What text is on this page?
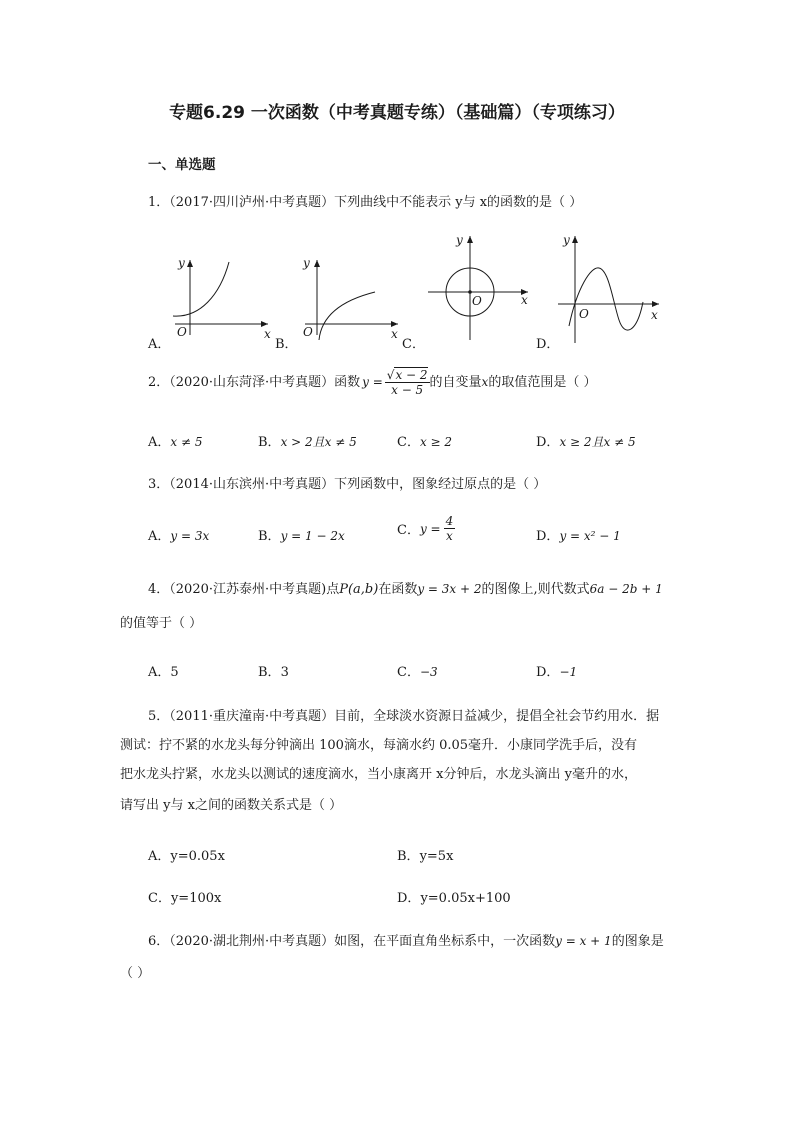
专题6.29 一次函数（中考真题专练）（基础篇）（专项练习）
一、单选题
1．（2017·四川泸州·中考真题）下列曲线中不能表示 y与 x的函数的是（ ）
y
x
O
A．
y
x
O
B．
y
x
O
C．
y
x
O
D．
2．（2020·山东菏泽·中考真题）函数 $y = \frac{√x - 2}{x - 5}$ 的自变量 x 的取值范围是（ ）
A．x ≠ 5	B．x > 2且x ≠ 5	C．x ≥ 2	D．x ≥ 2且x ≠ 5
3．（2014·山东滨州·中考真题）下列函数中，图象经过原点的是（ ）
A．y = 3x	B．y = 1 − 2x	C． $y = \frac{4}{x}$	D．y = x² − 1
4．（2020·江苏泰州·中考真题)点P(a,b)在函数y = 3x + 2的图像上,则代数式6a − 2b + 1
的值等于（ ）
A．5	B．3	C．−3	D．−1
5．（2011·重庆潼南·中考真题）目前，全球淡水资源日益减少，提倡全社会节约用水．据
测试：拧不紧的水龙头每分钟滴出 100滴水，每滴水约 0.05毫升．小康同学洗手后，没有
把水龙头拧紧，水龙头以测试的速度滴水，当小康离开 x分钟后，水龙头滴出 y毫升的水，
请写出 y与 x之间的函数关系式是（ ）
A．y=0.05x	B．y=5x
C．y=100x	D．y=0.05x+100
6．（2020·湖北荆州·中考真题）如图，在平面直角坐标系中，一次函数y = x + 1的图象是
（ ）
